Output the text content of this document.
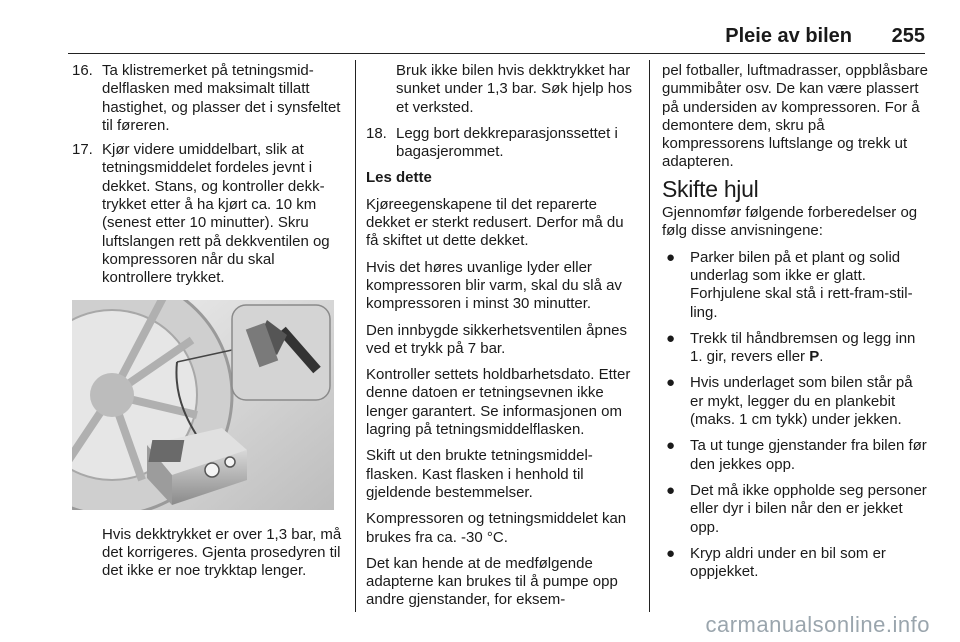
Pleie av bilen 255
16. Ta klistremerket på tetningsmiddelflasken med maksimalt tillatt hastighet, og plasser det i synsfeltet til føreren.
17. Kjør videre umiddelbart, slik at tetningsmiddelet fordeles jevnt i dekket. Stans, og kontroller dekktrykket etter å ha kjørt ca. 10 km (senest etter 10 minutter). Skru luftslangen rett på dekkventilen og kompressoren når du skal kontrollere trykket.

Hvis dekktrykket er over 1,3 bar, må det korrigeres. Gjenta prosedyren til det ikke er noe trykktap lenger.

Bruk ikke bilen hvis dekktrykket har sunket under 1,3 bar. Søk hjelp hos et verksted.

18. Legg bort dekkreparasjonssettet i bagasjerommet.

Les dette

Kjøreegenskapene til det reparerte dekket er sterkt redusert. Derfor må du få skiftet ut dette dekket.

Hvis det høres uvanlige lyder eller kompressoren blir varm, skal du slå av kompressoren i minst 30 minutter.

Den innbygde sikkerhetsventilen åpnes ved et trykk på 7 bar.

Kontroller settets holdbarhetsdato. Etter denne datoen er tetningsevnen ikke lenger garantert. Se informasjonen om lagring på tetningsmiddelflasken.

Skift ut den brukte tetningsmiddelflasken. Kast flasken i henhold til gjeldende bestemmelser.

Kompressoren og tetningsmiddelet kan brukes fra ca. -30 °C.

Det kan hende at de medfølgende adapterne kan brukes til å pumpe opp andre gjenstander, for eksem-

pel fotballer, luftmadrasser, oppblåsbare gummibåter osv. De kan være plassert på undersiden av kompressoren. For å demontere dem, skru på kompressorens luftslange og trekk ut adapteren.

Skifte hjul

Gjennomfør følgende forberedelser og følg disse anvisningene:

● Parker bilen på et plant og solid underlag som ikke er glatt. Forhjulene skal stå i rett-fram-stilling.
● Trekk til håndbremsen og legg inn 1. gir, revers eller P.
● Hvis underlaget som bilen står på er mykt, legger du en plankebit (maks. 1 cm tykk) under jekken.
● Ta ut tunge gjenstander fra bilen før den jekkes opp.
● Det må ikke oppholde seg personer eller dyr i bilen når den er jekket opp.
● Kryp aldri under en bil som er oppjekket.
carmanualsonline.info
